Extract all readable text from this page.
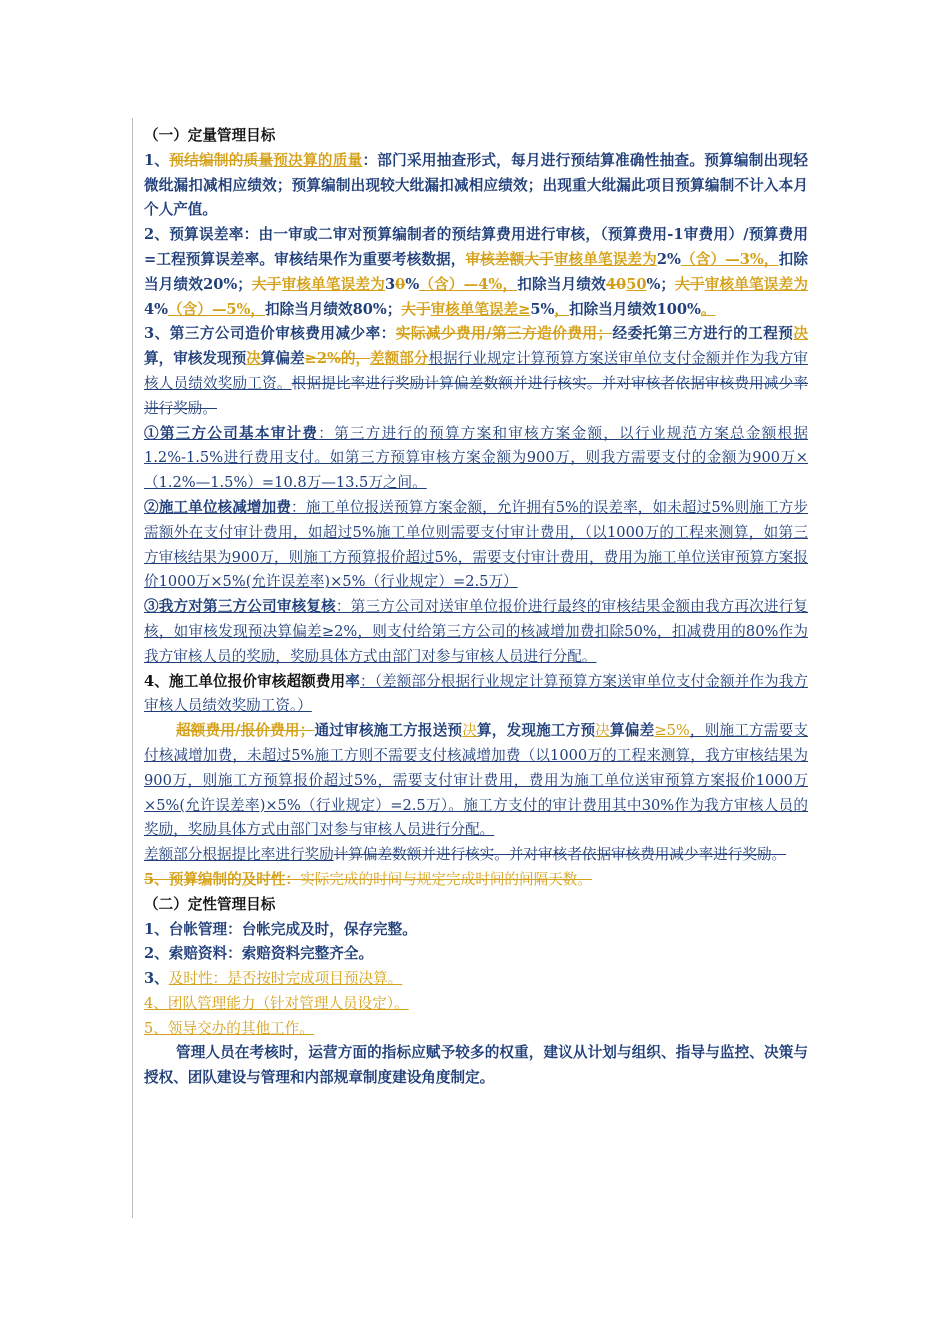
（一）定量管理目标

1、预结编制的质量预决算的质量：部门采用抽查形式，每月进行预结算准确性抽查。预算编制出现轻微纰漏扣减相应绩效；预算编制出现较大纰漏扣减相应绩效；出现重大纰漏此项目预算编制不计入本月个人产值。

2、预算误差率：由一审或二审对预算编制者的预结算费用进行审核，（预算费用-1审费用）/预算费用=工程预算误差率。审核结果作为重要考核数据，审核差额大于审核单笔误差为2%（含）—3%，扣除当月绩效20%；大于审核单笔误差为30%（含）—4%，扣除当月绩效4050%；大于审核单笔误差为4%（含）—5%，扣除当月绩效80%；大于审核单笔误差≥5%，扣除当月绩效100%。

3、第三方公司造价审核费用减少率：实际减少费用/第三方造价费用；经委托第三方进行的工程预决算，审核发现预决算偏差≥2%的，差额部分根据行业规定计算预算方案送审单位支付金额并作为我方审核人员绩效奖励工资。根据提比率进行奖励计算偏差数额并进行核实。并对审核者依据审核费用减少率进行奖励。

①第三方公司基本审计费：第三方进行的预算方案和审核方案金额，以行业规范方案总金额根据1.2%-1.5%进行费用支付。如第三方预算审核方案金额为900万，则我方需要支付的金额为900万×（1.2%—1.5%）=10.8万—13.5万之间。

②施工单位核减增加费：施工单位报送预算方案金额，允许拥有5%的误差率，如未超过5%则施工方步需额外在支付审计费用，如超过5%施工单位则需要支付审计费用，（以1000万的工程来测算，如第三方审核结果为900万，则施工方预算报价超过5%，需要支付审计费用，费用为施工单位送审预算方案报价1000万×5%(允许误差率)×5%（行业规定）=2.5万）

③我方对第三方公司审核复核：第三方公司对送审单位报价进行最终的审核结果金额由我方再次进行复核，如审核发现预决算偏差≥2%，则支付给第三方公司的核减增加费扣除50%，扣减费用的80%作为我方审核人员的奖励，奖励具体方式由部门对参与审核人员进行分配。

4、施工单位报价审核超额费用率：（差额部分根据行业规定计算预算方案送审单位支付金额并作为我方审核人员绩效奖励工资。）

超额费用/报价费用；通过审核施工方报送预决算，发现施工方预决算偏差≥5%，则施工方需要支付核减增加费，未超过5%施工方则不需要支付核减增加费（以1000万的工程来测算，我方审核结果为900万，则施工方预算报价超过5%，需要支付审计费用，费用为施工单位送审预算方案报价1000万×5%(允许误差率)×5%（行业规定）=2.5万）。施工方支付的审计费用其中30%作为我方审核人员的奖励，奖励具体方式由部门对参与审核人员进行分配。

差额部分根据提比率进行奖励计算偏差数额并进行核实。并对审核者依据审核费用减少率进行奖励。

5、预算编制的及时性：实际完成的时间与规定完成时间的间隔天数。

（二）定性管理目标

1、台帐管理：台帐完成及时，保存完整。

2、索赔资料：索赔资料完整齐全。

3、及时性：是否按时完成项目预决算。

4、团队管理能力（针对管理人员设定）。

5、领导交办的其他工作。

管理人员在考核时，运营方面的指标应赋予较多的权重，建议从计划与组织、指导与监控、决策与授权、团队建设与管理和内部规章制度建设角度制定。
